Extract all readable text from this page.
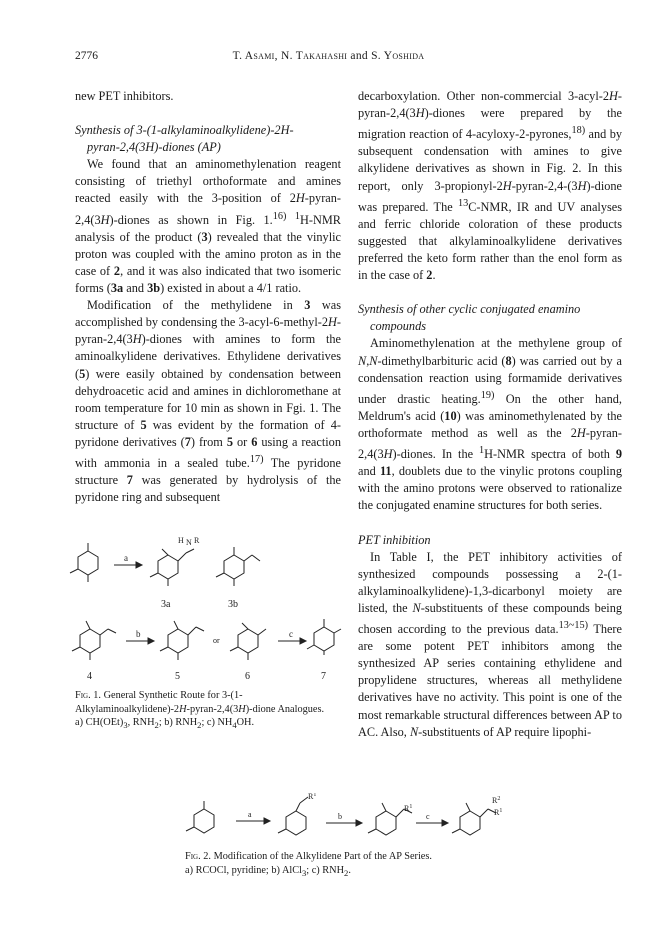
2776	T. Asami, N. Takahashi and S. Yoshida

new PET inhibitors.

Synthesis of 3-(1-alkylaminoalkylidene)-2H-
pyran-2,4(3H)-diones (AP)

We found that an aminomethylenation reagent consisting of triethyl orthoformate and amines reacted easily with the 3-position of 2H-pyran-2,4(3H)-diones as shown in Fig. 1.$^{16)}$ $^1$H-NMR analysis of the product (3) revealed that the vinylic proton was coupled with the amino proton as in the case of 2, and it was also indicated that two isomeric forms (3a and 3b) existed in about a 4/1 ratio.

Modification of the methylidene in 3 was accomplished by condensing the 3-acyl-6-methyl-2H-pyran-2,4(3H)-diones with amines to form the aminoalkylidene derivatives. Ethylidene derivatives (5) were easily obtained by condensation between dehydroacetic acid and amines in dichloromethane at room temperature for 10 min as shown in Fgi. 1. The structure of 5 was evident by the formation of 4-pyridone derivatives (7) from 5 or 6 using a reaction with ammonia in a sealed tube.$^{17)}$ The pyridone structure 7 was generated by hydrolysis of the pyridone ring and subsequent

decarboxylation. Other non-commercial 3-acyl-2H-pyran-2,4(3H)-diones were prepared by the migration reaction of 4-acyloxy-2-pyrones,$^{18)}$ and by subsequent condensation with amines to give alkylidene derivatives as shown in Fig. 2. In this report, only 3-propionyl-2H-pyran-2,4-(3H)-dione was prepared. The $^{13}$C-NMR, IR and UV analyses and ferric chloride coloration of these products suggested that alkylaminoalkylidene derivatives preferred the keto form rather than the enol form as in the case of 2.

Synthesis of other cyclic conjugated enamino compounds

Aminomethylenation at the methylene group of N,N-dimethylbarbituric acid (8) was carried out by a condensation reaction using formamide derivatives under drastic heating.$^{19)}$ On the other hand, Meldrum's acid (10) was aminomethylenated by the orthoformate method as well as the 2H-pyran-2,4(3H)-diones. In the $^1$H-NMR spectra of both 9 and 11, doublets due to the vinylic protons coupling with the amino protons were observed to rationalize the conjugated enamine structures for both series.

PET inhibition

In Table I, the PET inhibitory activities of synthesized compounds possessing a 2-(1-alkylaminoalkylidene)-1,3-dicarbonyl moiety are listed, the N-substituents of these compounds being chosen according to the previous data.$^{13\sim 15)}$ There are some potent PET inhibitors among the synthesized AP series containing ethylidene and propylidene structures, whereas all methylidene derivatives have no activity. This point is one of the most remarkable structural differences between AP to AC. Also, N-substituents of AP require lipophi-

a
b	c
or
H N R
3a	3b
4	5	6	7
Fig. 1. General Synthetic Route for 3-(1-Alkylaminoalkylidene)-2H-pyran-2,4(3H)-dione Analogues.
a) $CH(OEt)_3$, $RNH_2$; b) $RNH_2$; c) $NH_4OH$.
a	b	c
$R^1$
$R^1$
$R^1$
$R^2$
Fig. 2. Modification of the Alkylidene Part of the AP Series.
a) RCOCl, pyridine; b) AlCl$_3$; c) $RNH_2$.
